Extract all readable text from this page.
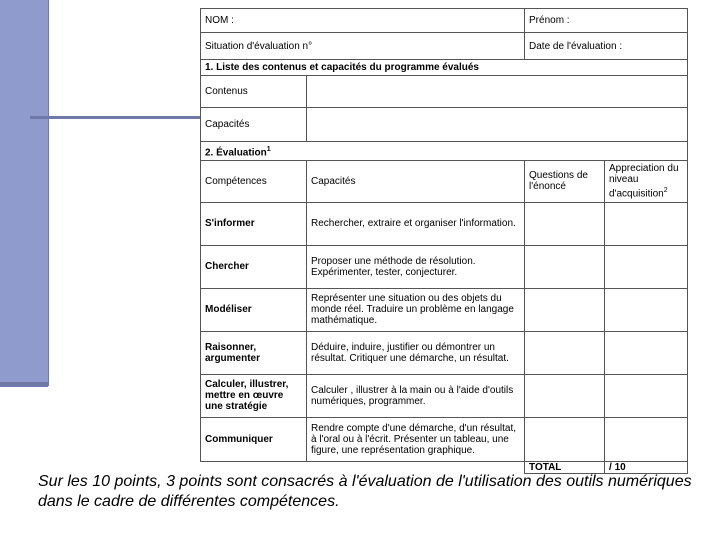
NOM :		Prénom :	
Situation d'évaluation n°		Date de l'évaluation :	
1. Liste des contenus et capacités du programme évalués			
Contenus			
Capacités			
2. Évaluation$^1$
Compétences	Capacités	Questions de l'énoncé	Appreciation du niveau d'acquisition$^2$
S'informer	Rechercher, extraire et organiser l'information.		
Chercher	Proposer une méthode de résolution. Expérimenter, tester, conjecturer.		
Modéliser	Représenter une situation ou des objets du monde réel. Traduire un problème en langage mathématique.		
Raisonner, argumenter	Déduire, induire, justifier ou démontrer un résultat. Critiquer une démarche, un résultat.		
Calculer, illustrer, mettre en œuvre une stratégie	Calculer , illustrer à la main ou à l'aide d'outils numériques, programmer.		
Communiquer	Rendre compte d'une démarche, d'un résultat, à l'oral ou à l'écrit. Présenter un tableau, une figure, une représentation graphique.		
		TOTAL	/ 10
Sur les 10 points, 3 points sont consacrés à l'évaluation de l'utilisation des outils numériques dans le cadre de différentes compétences.
